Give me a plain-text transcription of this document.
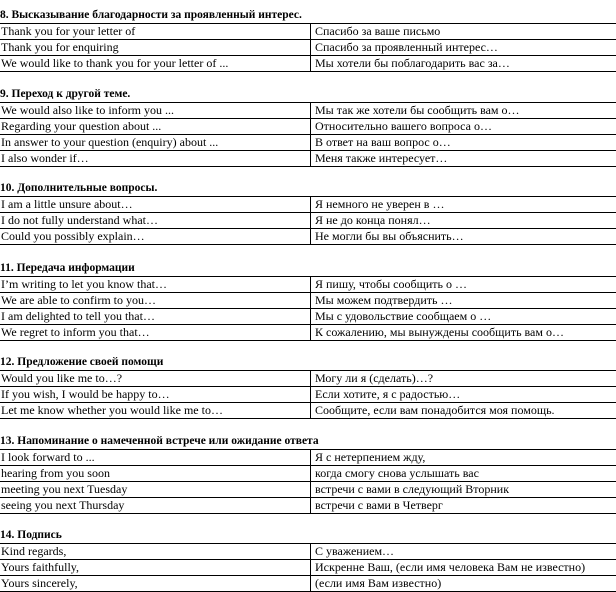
8. Высказывание благодарности за проявленный интерес.
Thank you for your letter of	Спасибо за ваше письмо
Thank you for enquiring	Спасибо за проявленный интерес…
We would like to thank you for your letter of ...	Мы хотели бы поблагодарить вас за…
9. Переход к другой теме.
We would also like to inform you ...	Мы так же хотели бы сообщить вам о…
Regarding your question about ...	Относительно вашего вопроса о…
In answer to your question (enquiry) about ...	В ответ на ваш вопрос о…
I also wonder if…	Меня также интересует…
10. Дополнительные вопросы.
I am a little unsure about…	Я немного не уверен в …
I do not fully understand what…	Я не до конца понял…
Could you possibly explain…	Не могли бы вы объяснить…
11. Передача информации
I’m writing to let you know that…	Я пишу, чтобы сообщить о …
We are able to confirm to you…	Мы можем подтвердить …
I am delighted to tell you that…	Мы с удовольствие сообщаем о …
We regret to inform you that…	К сожалению, мы вынуждены сообщить вам о…
12. Предложение своей помощи
Would you like me to…?	Могу ли я (сделать)…?
If you wish, I would be happy to…	Если хотите, я с радостью…
Let me know whether you would like me to…	Сообщите, если вам понадобится моя помощь.
13. Напоминание о намеченной встрече или ожидание ответа
I look forward to ...	Я с нетерпением жду,
hearing from you soon	когда смогу снова услышать вас
meeting you next Tuesday	встречи с вами в следующий Вторник
seeing you next Thursday	встречи с вами в Четверг
14. Подпись
Kind regards,	С уважением…
Yours faithfully,	Искренне Ваш, (если имя человека Вам не известно)
Yours sincerely,	(если имя Вам известно)
